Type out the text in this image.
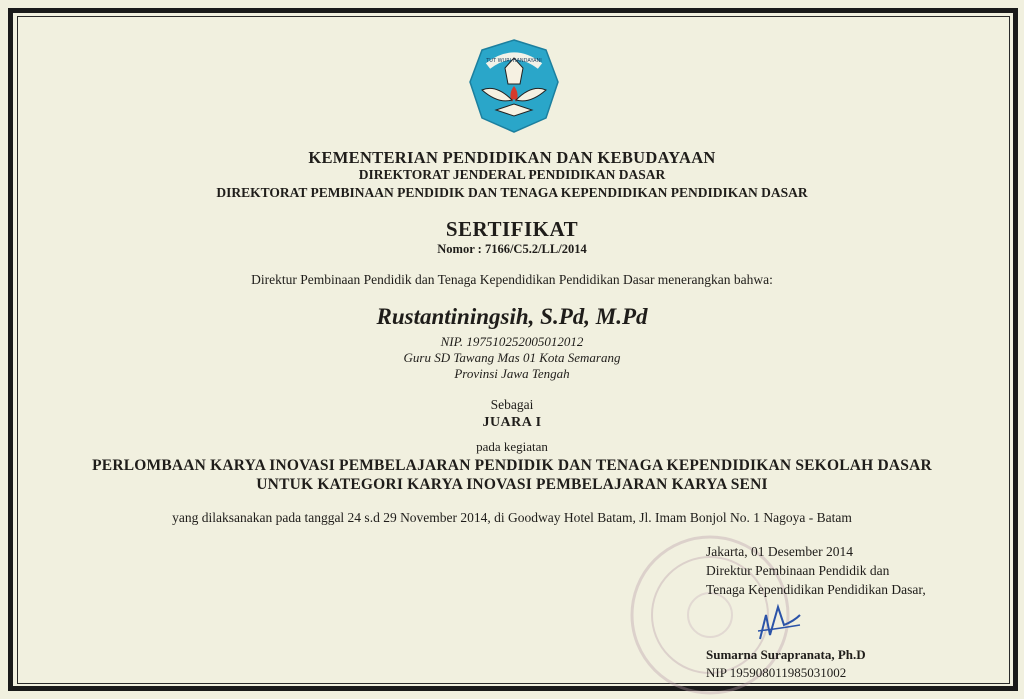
TUT WURI HANDAYANI
KEMENTERIAN PENDIDIKAN DAN KEBUDAYAAN
DIREKTORAT JENDERAL PENDIDIKAN DASAR
DIREKTORAT PEMBINAAN PENDIDIK DAN TENAGA KEPENDIDIKAN PENDIDIKAN DASAR
SERTIFIKAT
Nomor : 7166/C5.2/LL/2014
Direktur Pembinaan Pendidik dan Tenaga Kependidikan Pendidikan Dasar menerangkan bahwa:
Rustantiningsih, S.Pd, M.Pd
NIP. 197510252005012012
Guru SD Tawang Mas 01 Kota Semarang
Provinsi Jawa Tengah
Sebagai
JUARA I
pada kegiatan
PERLOMBAAN KARYA INOVASI PEMBELAJARAN PENDIDIK DAN TENAGA KEPENDIDIKAN SEKOLAH DASAR
UNTUK KATEGORI KARYA INOVASI PEMBELAJARAN KARYA SENI
yang dilaksanakan pada tanggal 24 s.d 29 November 2014, di Goodway Hotel Batam, Jl. Imam Bonjol No. 1 Nagoya - Batam
Jakarta, 01 Desember 2014
Direktur Pembinaan Pendidik dan
Tenaga Kependidikan Pendidikan Dasar,
Sumarna Surapranata, Ph.D
NIP 195908011985031002
